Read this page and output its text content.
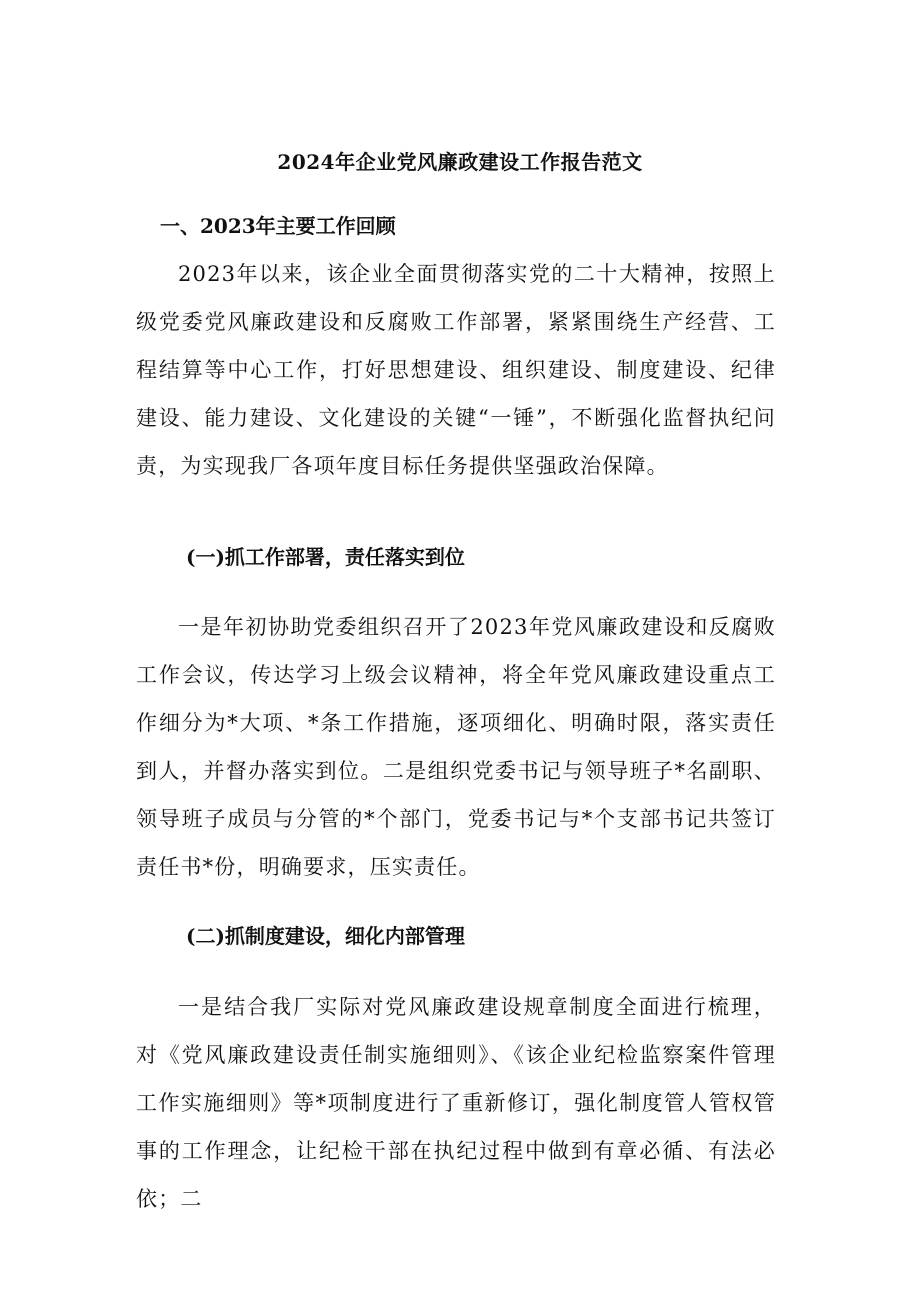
2024年企业党风廉政建设工作报告范文
一、2023年主要工作回顾

2023年以来，该企业全面贯彻落实党的二十大精神，按照上级党委党风廉政建设和反腐败工作部署，紧紧围绕生产经营、工程结算等中心工作，打好思想建设、组织建设、制度建设、纪律建设、能力建设、文化建设的关键“一锤”，不断强化监督执纪问责，为实现我厂各项年度目标任务提供坚强政治保障。

(一)抓工作部署，责任落实到位

一是年初协助党委组织召开了2023年党风廉政建设和反腐败工作会议，传达学习上级会议精神，将全年党风廉政建设重点工作细分为*大项、*条工作措施，逐项细化、明确时限，落实责任到人，并督办落实到位。二是组织党委书记与领导班子*名副职、领导班子成员与分管的*个部门，党委书记与*个支部书记共签订责任书*份，明确要求，压实责任。

(二)抓制度建设，细化内部管理

一是结合我厂实际对党风廉政建设规章制度全面进行梳理，对《党风廉政建设责任制实施细则》、《该企业纪检监察案件管理工作实施细则》等*项制度进行了重新修订，强化制度管人管权管事的工作理念，让纪检干部在执纪过程中做到有章必循、有法必依；二
